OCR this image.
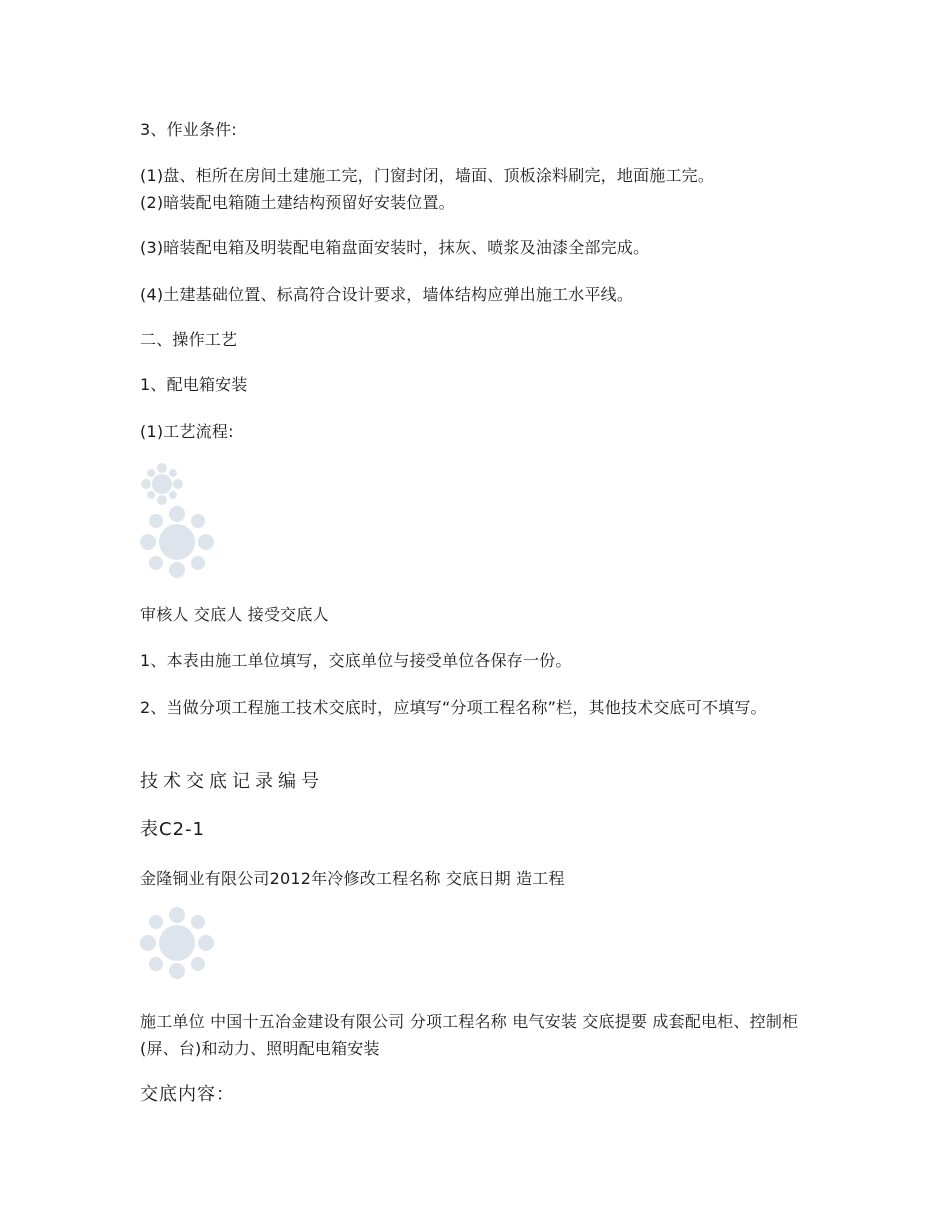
3、作业条件:
(1)盘、柜所在房间土建施工完，门窗封闭，墙面、顶板涂料刷完，地面施工完。
(2)暗装配电箱随土建结构预留好安装位置。
(3)暗装配电箱及明装配电箱盘面安装时，抹灰、喷浆及油漆全部完成。
(4)土建基础位置、标高符合设计要求，墙体结构应弹出施工水平线。
二、操作工艺
1、配电箱安装
(1)工艺流程:
审核人 交底人 接受交底人
1、本表由施工单位填写，交底单位与接受单位各保存一份。
2、当做分项工程施工技术交底时，应填写“分项工程名称”栏，其他技术交底可不填写。
技术交底记录编号
表C2-1
金隆铜业有限公司2012年冷修改工程名称 交底日期 造工程
施工单位 中国十五冶金建设有限公司 分项工程名称 电气安装 交底提要 成套配电柜、控制柜(屏、台)和动力、照明配电箱安装
交底内容：
